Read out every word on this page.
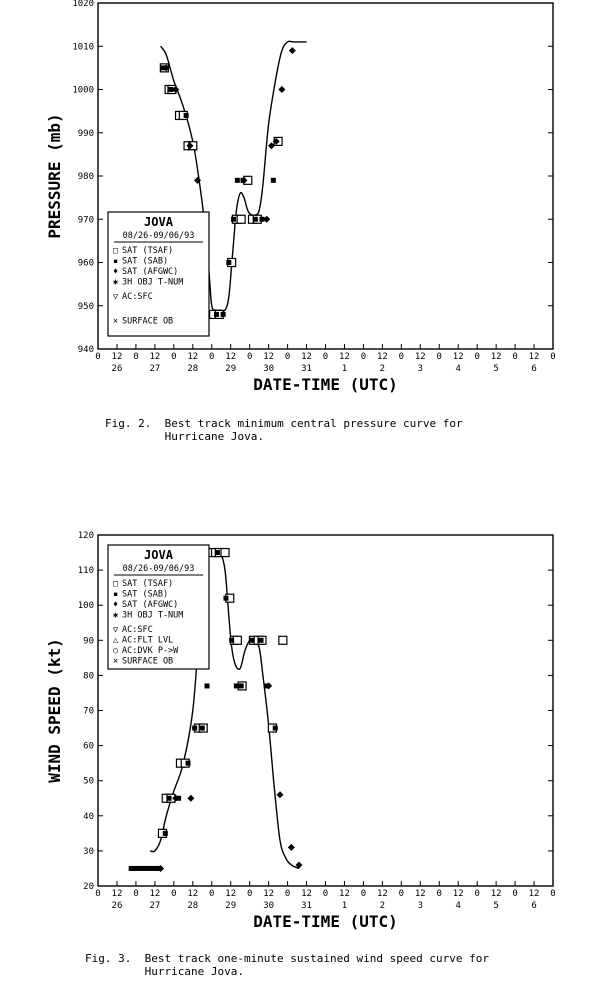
940
950
960
970
980
990
1000
1010
1020
0 12 0 12 0 12 0 12 0 12 0 12 0 12 0 12 0 12 0 12 0 12 0 12 0
26	27	28	29	30	31	1	2	3	4	5	6
DATE-TIME (UTC)
PRESSURE (mb)	JOVA
08/26-09/06/93
□ SAT (TSAF)
▪ SAT (SAB)
♦ SAT (AFGWC)
✱ 3H OBJ T-NUM
▽ AC:SFC
× SURFACE OB
20
30
40
50
60
70
80
90
100
110
120
0 12 0 12 0 12 0 12 0 12 0 12 0 12 0 12 0 12 0 12 0 12 0 12 0
26	27	28	29	30	31	1	2	3	4	5	6
DATE-TIME (UTC)
WIND SPEED (kt)
JOVA
08/26-09/06/93
□ SAT (TSAF)
▪ SAT (SAB)
♦ SAT (AFGWC)
✱ 3H OBJ T-NUM
▽ AC:SFC
△ AC:FLT LVL
○ AC:DVK P->W
× SURFACE OB
Fig. 2.  Best track minimum central pressure curve for
Hurricane Jova.
Fig. 3.  Best track one-minute sustained wind speed curve for
Hurricane Jova.
